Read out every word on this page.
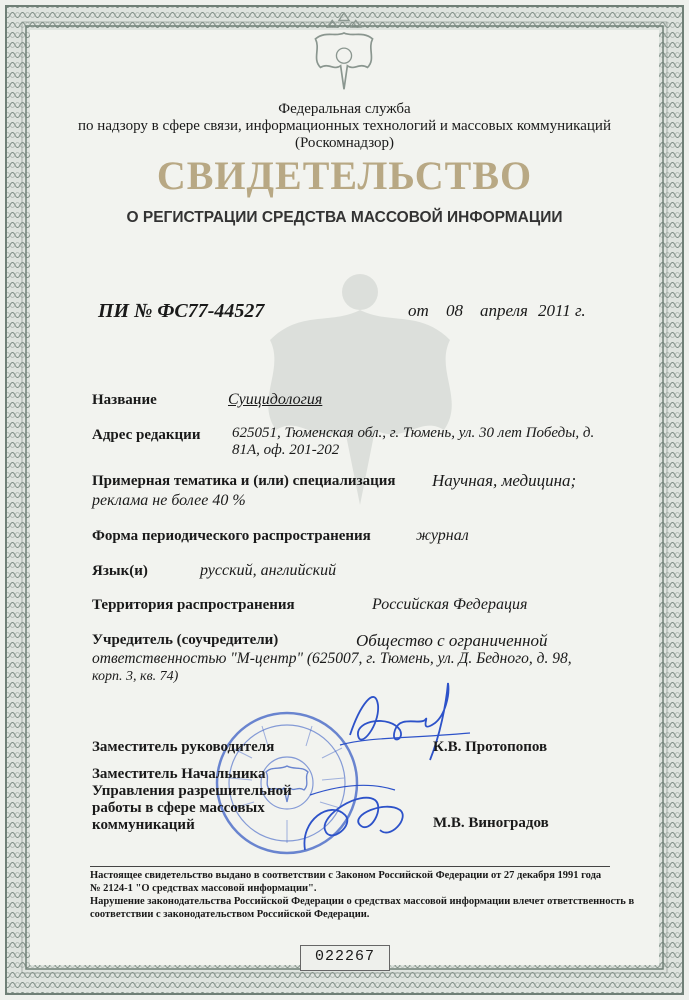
Федеральная служба
по надзору в сфере связи, информационных технологий и массовых коммуникаций
(Роскомнадзор)
СВИДЕТЕЛЬСТВО
О РЕГИСТРАЦИИ СРЕДСТВА МАССОВОЙ ИНФОРМАЦИИ
ПИ № ФС77-44527	от 08 апреля 2011 г.
Название	Суицидология
Адрес редакции 625051, Тюменская обл., г. Тюмень, ул. 30 лет Победы, д.
81А, оф. 201-202
Примерная тематика и (или) специализация Научная, медицина;
реклама не более 40 %
Форма периодического распространения	журнал
Язык(и)	русский, английский
Территория распространения	Российская Федерация
Учредитель (соучредители)	Общество с ограниченной
ответственностью "М-центр" (625007, г. Тюмень, ул. Д. Бедного, д. 98,
корп. 3, кв. 74)
Заместитель руководителя	К.В. Протопопов
Заместитель Начальника
Управления разрешительной
работы в сфере массовых
коммуникаций	М.В. Виноградов
Настоящее свидетельство выдано в соответствии с Законом Российской Федерации от 27 декабря 1991 года
№ 2124-1 "О средствах массовой информации".
Нарушение законодательства Российской Федерации о средствах массовой информации влечет ответственность в
соответствии с законодательством Российской Федерации.
022267
